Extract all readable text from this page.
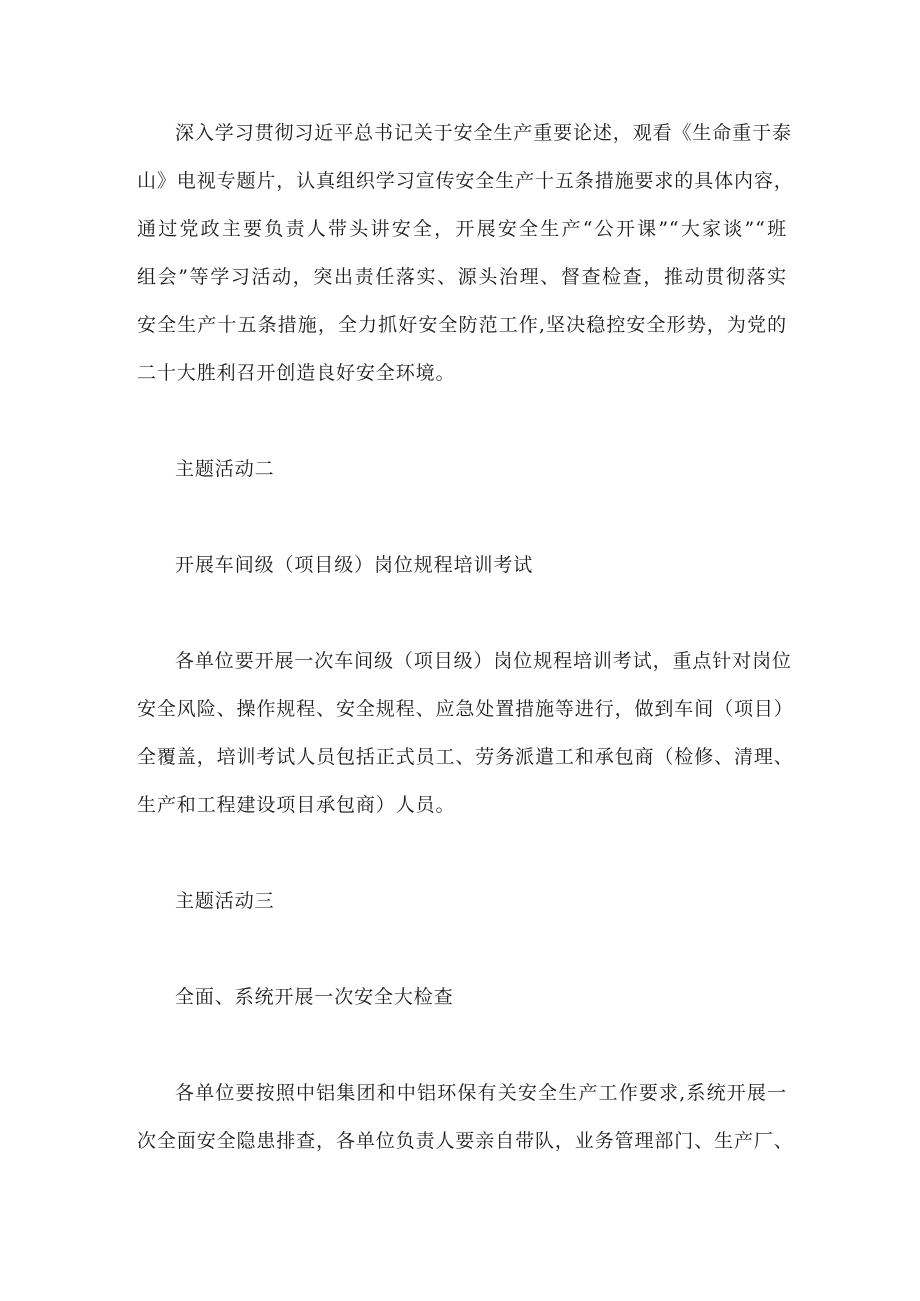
深入学习贯彻习近平总书记关于安全生产重要论述，观看《生命重于泰
山》电视专题片，认真组织学习宣传安全生产十五条措施要求的具体内容，
通过党政主要负责人带头讲安全，开展安全生产“公开课”“大家谈”“班
组会”等学习活动，突出责任落实、源头治理、督查检查，推动贯彻落实
安全生产十五条措施，全力抓好安全防范工作,坚决稳控安全形势，为党的
二十大胜利召开创造良好安全环境。
主题活动二
开展车间级（项目级）岗位规程培训考试
各单位要开展一次车间级（项目级）岗位规程培训考试，重点针对岗位
安全风险、操作规程、安全规程、应急处置措施等进行，做到车间（项目）
全覆盖，培训考试人员包括正式员工、劳务派遣工和承包商（检修、清理、
生产和工程建设项目承包商）人员。
主题活动三
全面、系统开展一次安全大检查
各单位要按照中铝集团和中铝环保有关安全生产工作要求,系统开展一
次全面安全隐患排查，各单位负责人要亲自带队，业务管理部门、生产厂、
